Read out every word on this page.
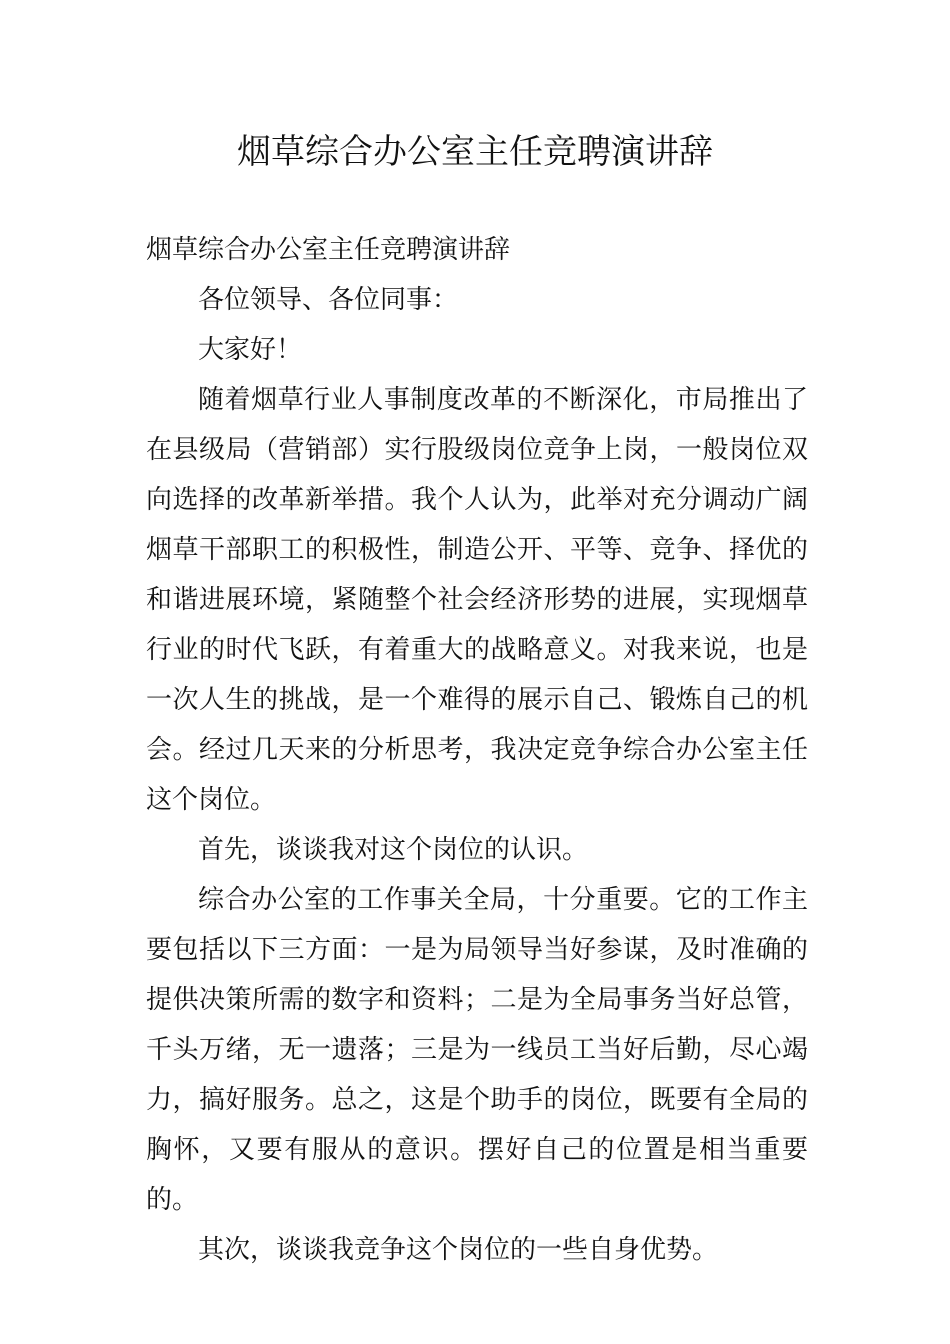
烟草综合办公室主任竞聘演讲辞

烟草综合办公室主任竞聘演讲辞

各位领导、各位同事：

大家好！

随着烟草行业人事制度改革的不断深化，市局推出了在县级局（营销部）实行股级岗位竞争上岗，一般岗位双向选择的改革新举措。我个人认为，此举对充分调动广阔烟草干部职工的积极性，制造公开、平等、竞争、择优的和谐进展环境，紧随整个社会经济形势的进展，实现烟草行业的时代飞跃，有着重大的战略意义。对我来说，也是一次人生的挑战，是一个难得的展示自己、锻炼自己的机会。经过几天来的分析思考，我决定竞争综合办公室主任这个岗位。

首先，谈谈我对这个岗位的认识。

综合办公室的工作事关全局，十分重要。它的工作主要包括以下三方面：一是为局领导当好参谋，及时准确的提供决策所需的数字和资料；二是为全局事务当好总管，千头万绪，无一遗落；三是为一线员工当好后勤，尽心竭力，搞好服务。总之，这是个助手的岗位，既要有全局的胸怀，又要有服从的意识。摆好自己的位置是相当重要的。

其次，谈谈我竞争这个岗位的一些自身优势。
